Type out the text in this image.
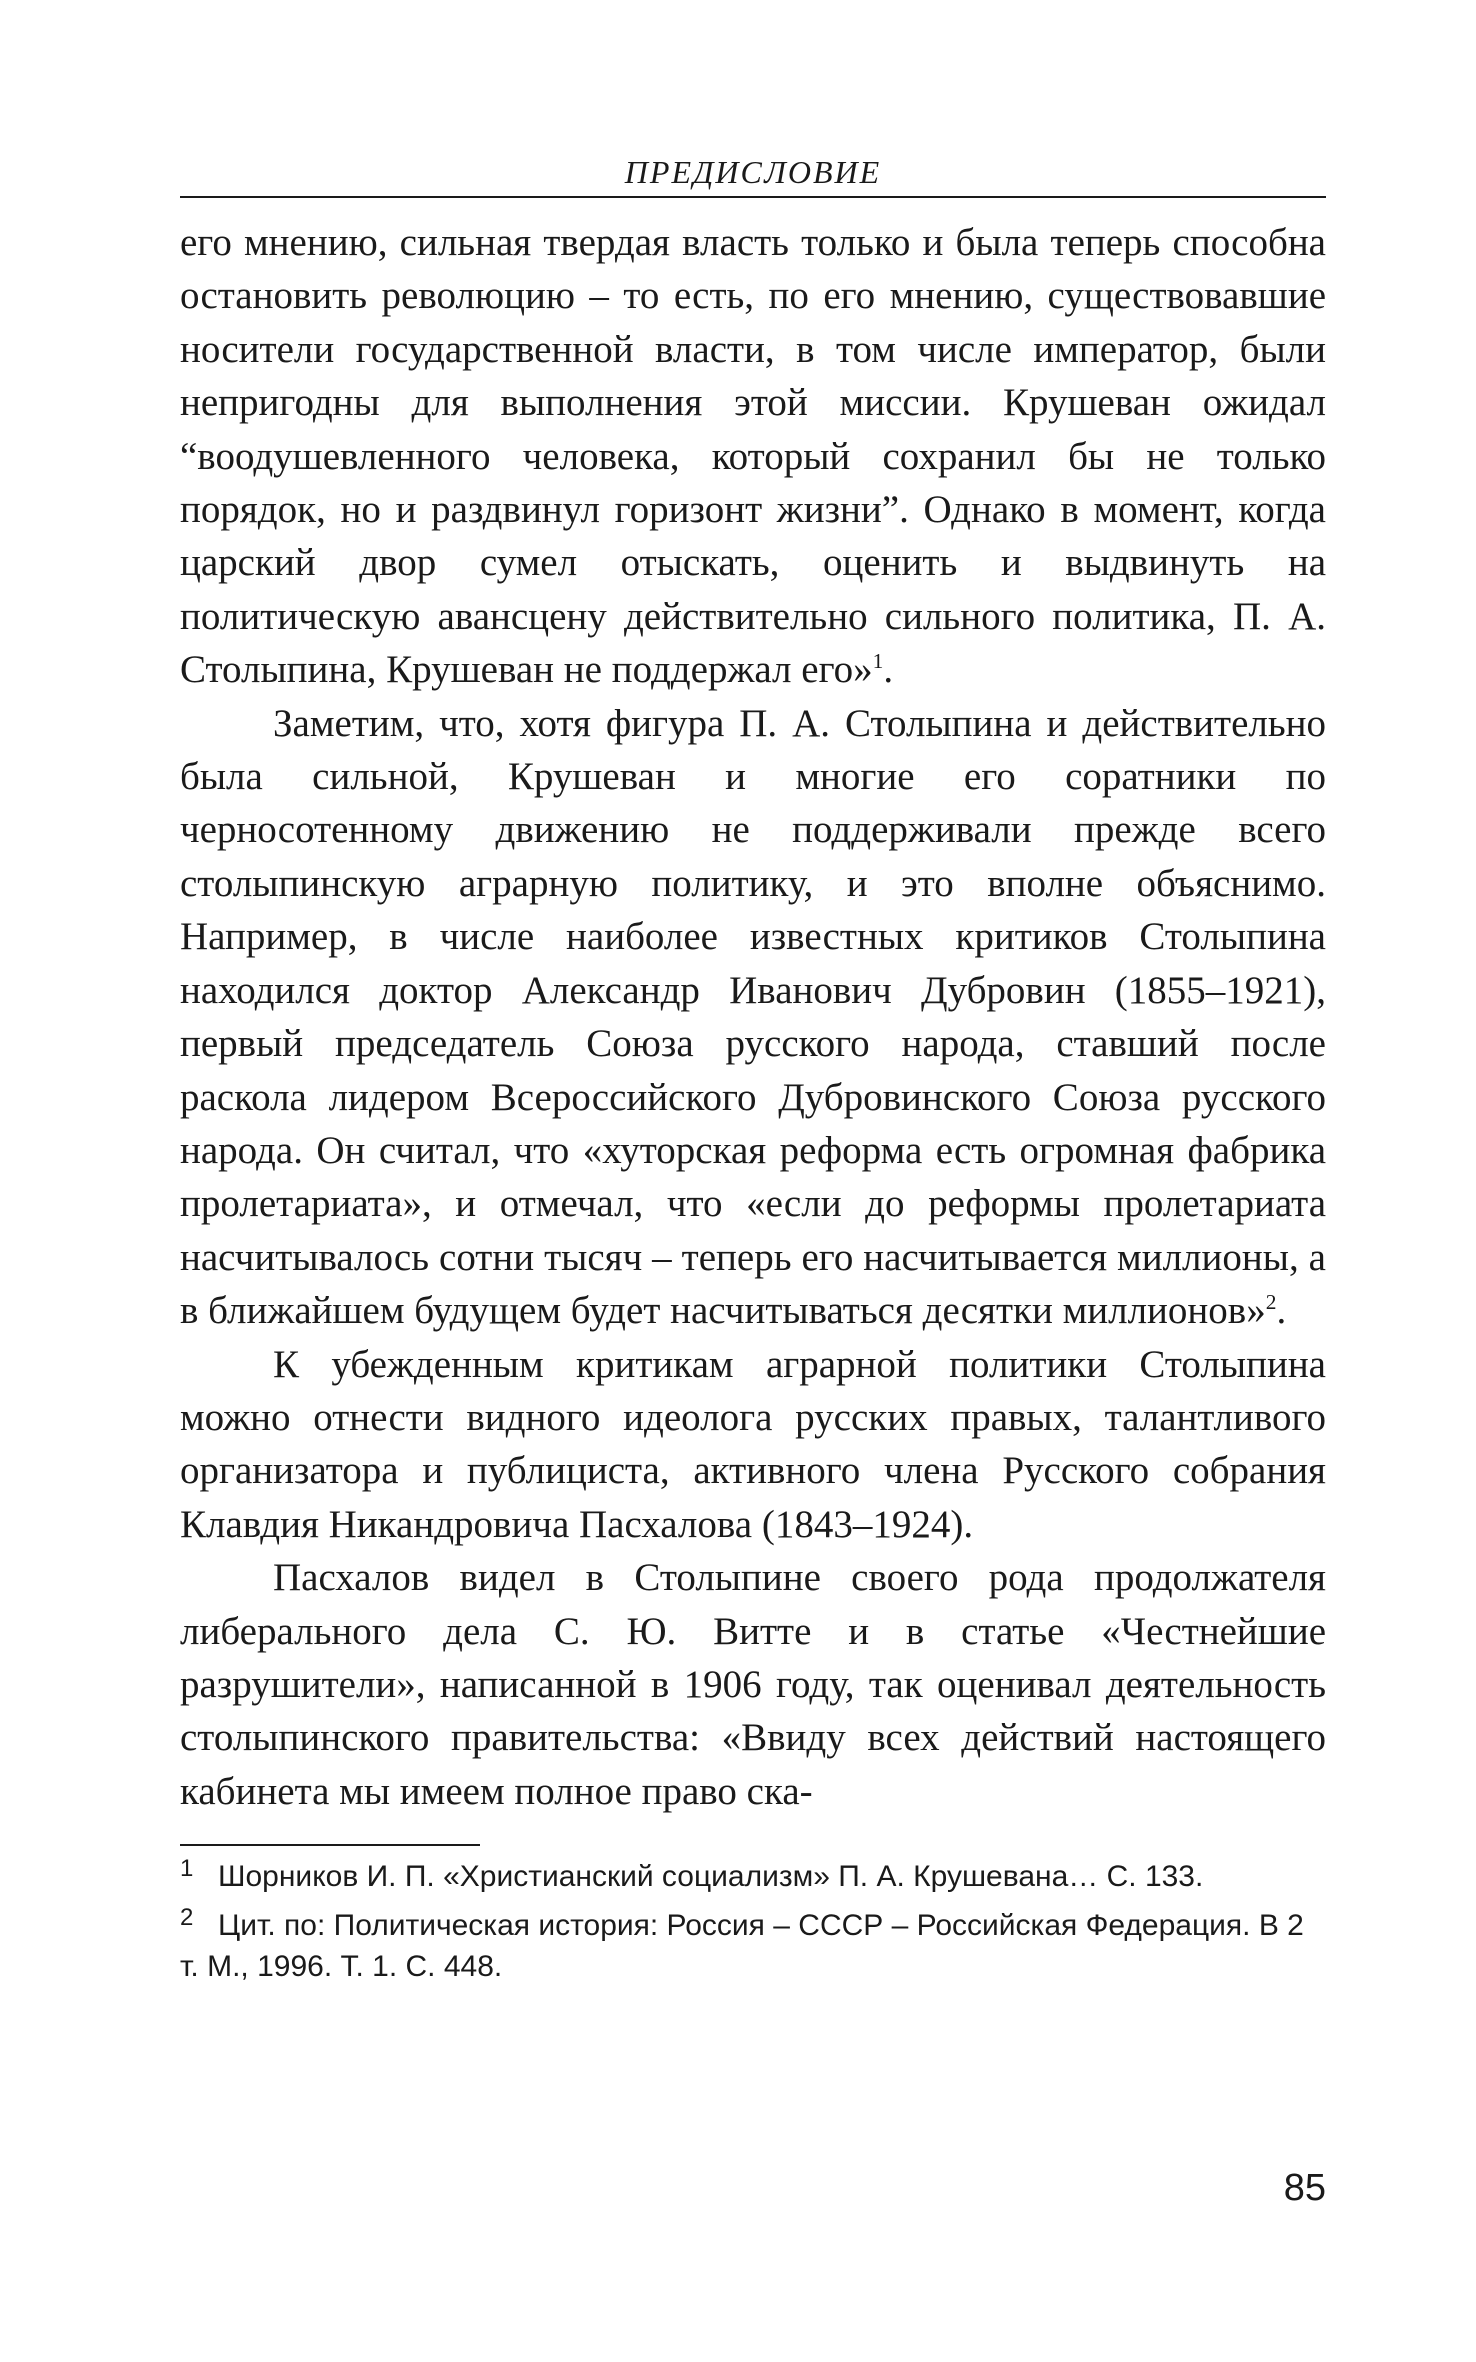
ПРЕДИСЛОВИЕ

его мнению, сильная твердая власть только и была теперь способна остановить революцию – то есть, по его мнению, существовавшие носители государственной власти, в том числе император, были непригодны для выполнения этой миссии. Крушеван ожидал “воодушевленного человека, который сохранил бы не только порядок, но и раздвинул горизонт жизни”. Однако в момент, когда царский двор сумел отыскать, оценить и выдвинуть на политическую авансцену действительно сильного политика, П. А. Столыпина, Крушеван не поддержал его»$^1$.

Заметим, что, хотя фигура П. А. Столыпина и действительно была сильной, Крушеван и многие его соратники по черносотенному движению не поддерживали прежде всего столыпинскую аграрную политику, и это вполне объяснимо. Например, в числе наиболее известных критиков Столыпина находился доктор Александр Иванович Дубровин (1855–1921), первый председатель Союза русского народа, ставший после раскола лидером Всероссийского Дубровинского Союза русского народа. Он считал, что «хуторская реформа есть огромная фабрика пролетариата», и отмечал, что «если до реформы пролетариата насчитывалось сотни тысяч – теперь его насчитывается миллионы, а в ближайшем будущем будет насчитываться десятки миллионов»$^2$.

К убежденным критикам аграрной политики Столыпина можно отнести видного идеолога русских правых, талантливого организатора и публициста, активного члена Русского собрания Клавдия Никандровича Пасхалова (1843–1924).

Пасхалов видел в Столыпине своего рода продолжателя либерального дела С. Ю. Витте и в статье «Честнейшие разрушители», написанной в 1906 году, так оценивал деятельность столыпинского правительства: «Ввиду всех действий настоящего кабинета мы имеем полное право ска-

1 Шорников И. П. «Христианский социализм» П. А. Крушевана… С. 133.
2 Цит. по: Политическая история: Россия – СССР – Российская Федерация. В 2 т. М., 1996. Т. 1. С. 448.
85
